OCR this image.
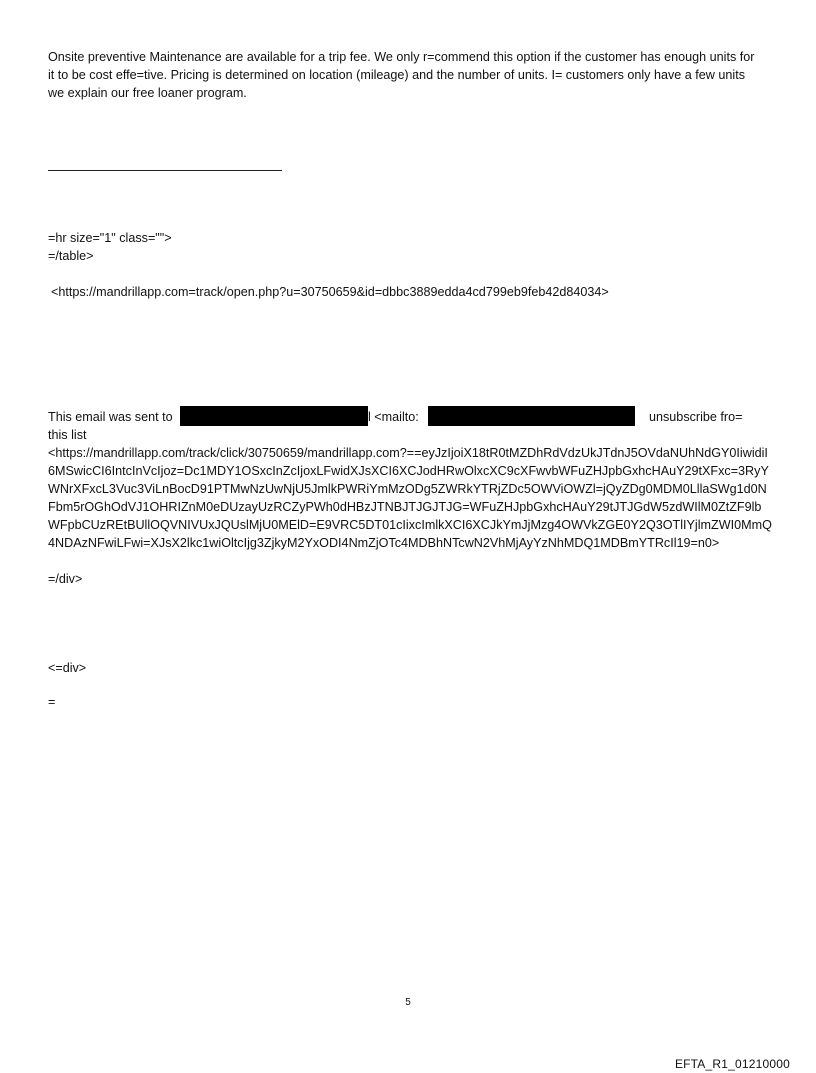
Onsite preventive Maintenance are available for a trip fee. We only r=commend this option if the customer has enough units for it to be cost effe=tive. Pricing is determined on location (mileage) and the number of units. I= customers only have a few units we explain our free loaner program.
=hr size="1" class="">
=/table>
<https://mandrillapp.com=track/open.php?u=30750659&id=dbbc3889edda4cd799eb9feb42d84034>

This email was sent to

	l <mailto:

	unsubscribe fro=

this list
<https://mandrillapp.com/track/click/30750659/mandrillapp.com?==eyJzIjoiX18tR0tMZDhRdVdzUkJTdnJ5OVdaNUhNdGY0IiwidiI6MSwicCI6IntcInVcIjoz=Dc1MDY1OSxcInZcIjoxLFwidXJsXCI6XCJodHRwOlxcXC9cXFwvbWFuZHJpbGxhcHAuY29tXFxc=3RyYWNrXFxcL3Vuc3ViLnBocD91PTMwNzUwNjU5JmlkPWRiYmMzODg5ZWRkYTRjZDc5OWViOWZl=jQyZDg0MDM0LllaSWg1d0NFbm5rOGhOdVJ1OHRIZnM0eDUzayUzRCZyPWh0dHBzJTNBJTJGJTJG=WFuZHJpbGxhcHAuY29tJTJGdW5zdWIlM0ZtZF9lbWFpbCUzREtBUllOQVNIVUxJQUslMjU0MElD=E9VRC5DT01cIixcImlkXCI6XCJkYmJjMzg4OWVkZGE0Y2Q3OTlIYjlmZWI0MmQ4NDAzNFwiLFwi=XJsX2lkc1wiOltcIjg3ZjkyM2YxODI4NmZjOTc4MDBhNTcwN2VhMjAyYzNhMDQ1MDBmYTRcIl19=n0>
=/div>
<=div>
=
5
EFTA_R1_01210000
